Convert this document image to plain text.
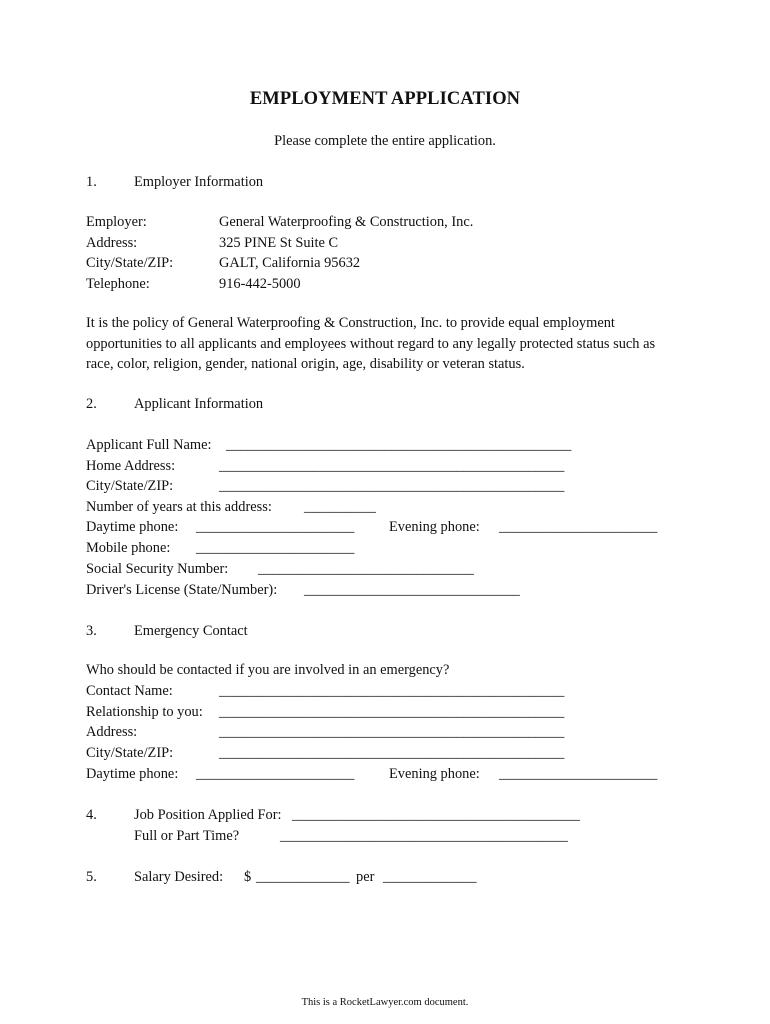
EMPLOYMENT APPLICATION
Please complete the entire application.
1.	Employer Information
Employer:	General Waterproofing & Construction, Inc.
Address:	325 PINE St Suite C
City/State/ZIP:	GALT, California 95632
Telephone:	916-442-5000
It is the policy of General Waterproofing & Construction, Inc. to provide equal employment
opportunities to all applicants and employees without regard to any legally protected status such as
race, color, religion, gender, national origin, age, disability or veteran status.
2.	Applicant Information
Applicant Full Name: ________________________________________________
Home Address:	________________________________________________
City/State/ZIP:	________________________________________________
Number of years at this address: __________
Daytime phone: ______________________ Evening phone: ______________________
Mobile phone: ______________________
Social Security Number: ______________________________
Driver's License (State/Number): ______________________________
3.	Emergency Contact
Who should be contacted if you are involved in an emergency?
Contact Name:	________________________________________________
Relationship to you: ________________________________________________
Address:	________________________________________________
City/State/ZIP:	________________________________________________
Daytime phone: ______________________ Evening phone: ______________________
4.	Job Position Applied For: ________________________________________
Full or Part Time?	________________________________________
5.	Salary Desired: $ _____________ per _____________
This is a RocketLawyer.com document.
